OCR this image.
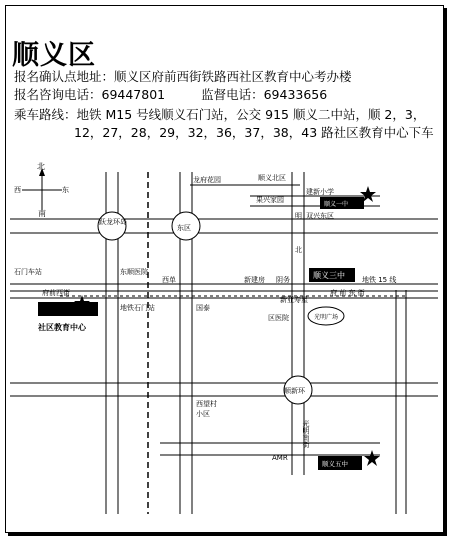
顺义区
报名确认点地址：顺义区府前西街铁路西社区教育中心考办楼
报名咨询电话：69447801	监督电话：69433656
乘车路线：地铁 M15 号线顺义石门站，公交 915 顺义二中站，顺 2，3，
12，27，28，29，32，36，37，38，43 路社区教育中心下车
北
南
西	东
龙府花园	顺义北区
建新小学
顺义一中
果兴家园
明 双兴东区
跃龙环岛
东区
北
顺义三中 地铁 15 线
石门车站	东顺医院
西单	新建房 阴务
府前西街
新亚寿星
府 前 东 街
社区教育中心
地铁石门站	国泰
区医院	光明广场
顺新环
西望村
小区
顺义五中
AMR
光明南街
